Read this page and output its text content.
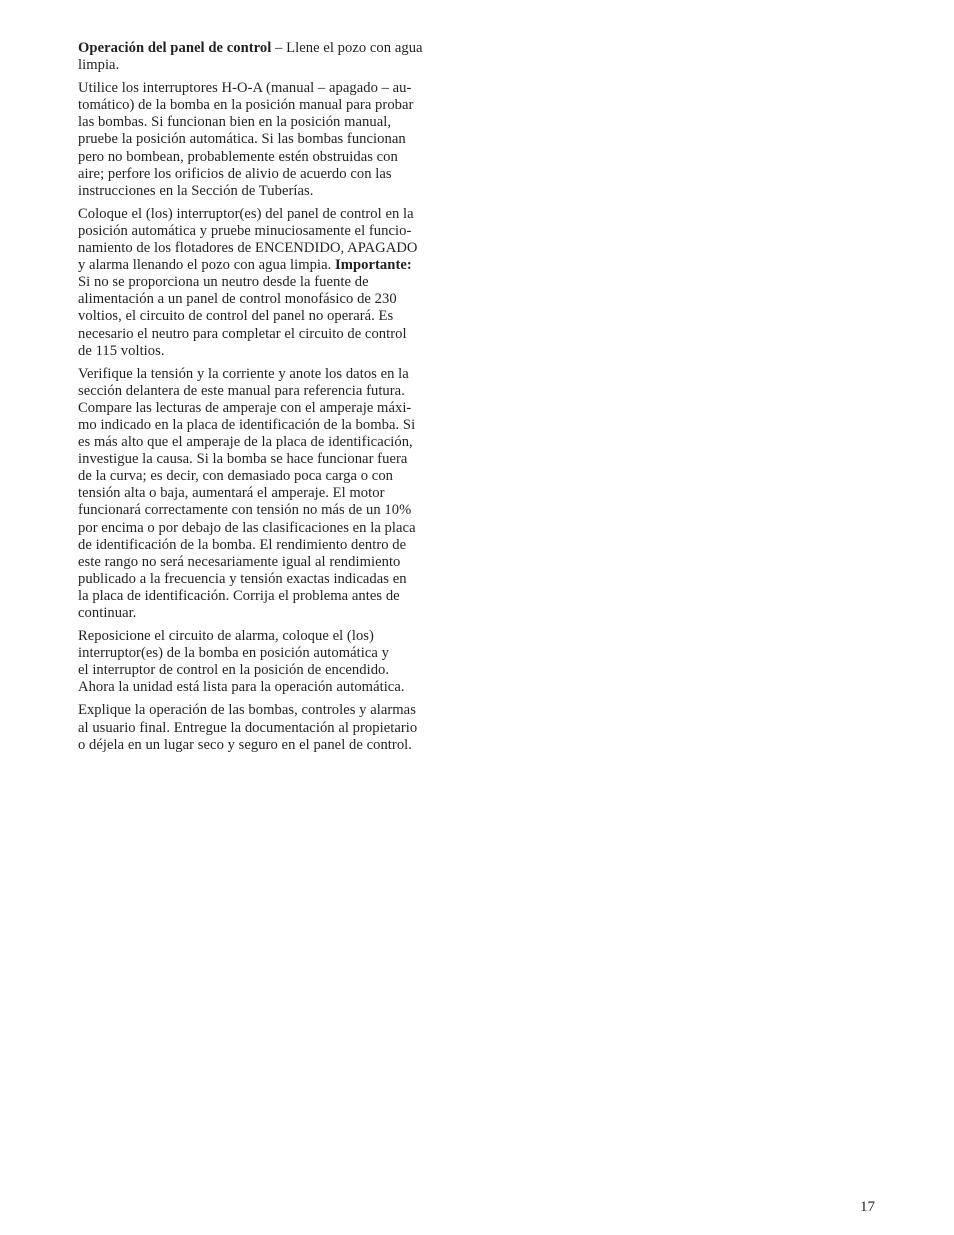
Operación del panel de control – Llene el pozo con agua
limpia.

Utilice los interruptores H-O-A (manual – apagado – au-
tomático) de la bomba en la posición manual para probar
las bombas. Si funcionan bien en la posición manual,
pruebe la posición automática. Si las bombas funcionan
pero no bombean, probablemente estén obstruidas con
aire; perfore los orificios de alivio de acuerdo con las
instrucciones en la Sección de Tuberías.

Coloque el (los) interruptor(es) del panel de control en la
posición automática y pruebe minuciosamente el funcio-
namiento de los flotadores de ENCENDIDO, APAGADO
y alarma llenando el pozo con agua limpia. Importante:
Si no se proporciona un neutro desde la fuente de
alimentación a un panel de control monofásico de 230
voltios, el circuito de control del panel no operará. Es
necesario el neutro para completar el circuito de control
de 115 voltios.

Verifique la tensión y la corriente y anote los datos en la
sección delantera de este manual para referencia futura.
Compare las lecturas de amperaje con el amperaje máxi-
mo indicado en la placa de identificación de la bomba. Si
es más alto que el amperaje de la placa de identificación,
investigue la causa. Si la bomba se hace funcionar fuera
de la curva; es decir, con demasiado poca carga o con
tensión alta o baja, aumentará el amperaje. El motor
funcionará correctamente con tensión no más de un 10%
por encima o por debajo de las clasificaciones en la placa
de identificación de la bomba. El rendimiento dentro de
este rango no será necesariamente igual al rendimiento
publicado a la frecuencia y tensión exactas indicadas en
la placa de identificación. Corrija el problema antes de
continuar.

Reposicione el circuito de alarma, coloque el (los)
interruptor(es) de la bomba en posición automática y
el interruptor de control en la posición de encendido.
Ahora la unidad está lista para la operación automática.

Explique la operación de las bombas, controles y alarmas
al usuario final. Entregue la documentación al propietario
o déjela en un lugar seco y seguro en el panel de control.

17
